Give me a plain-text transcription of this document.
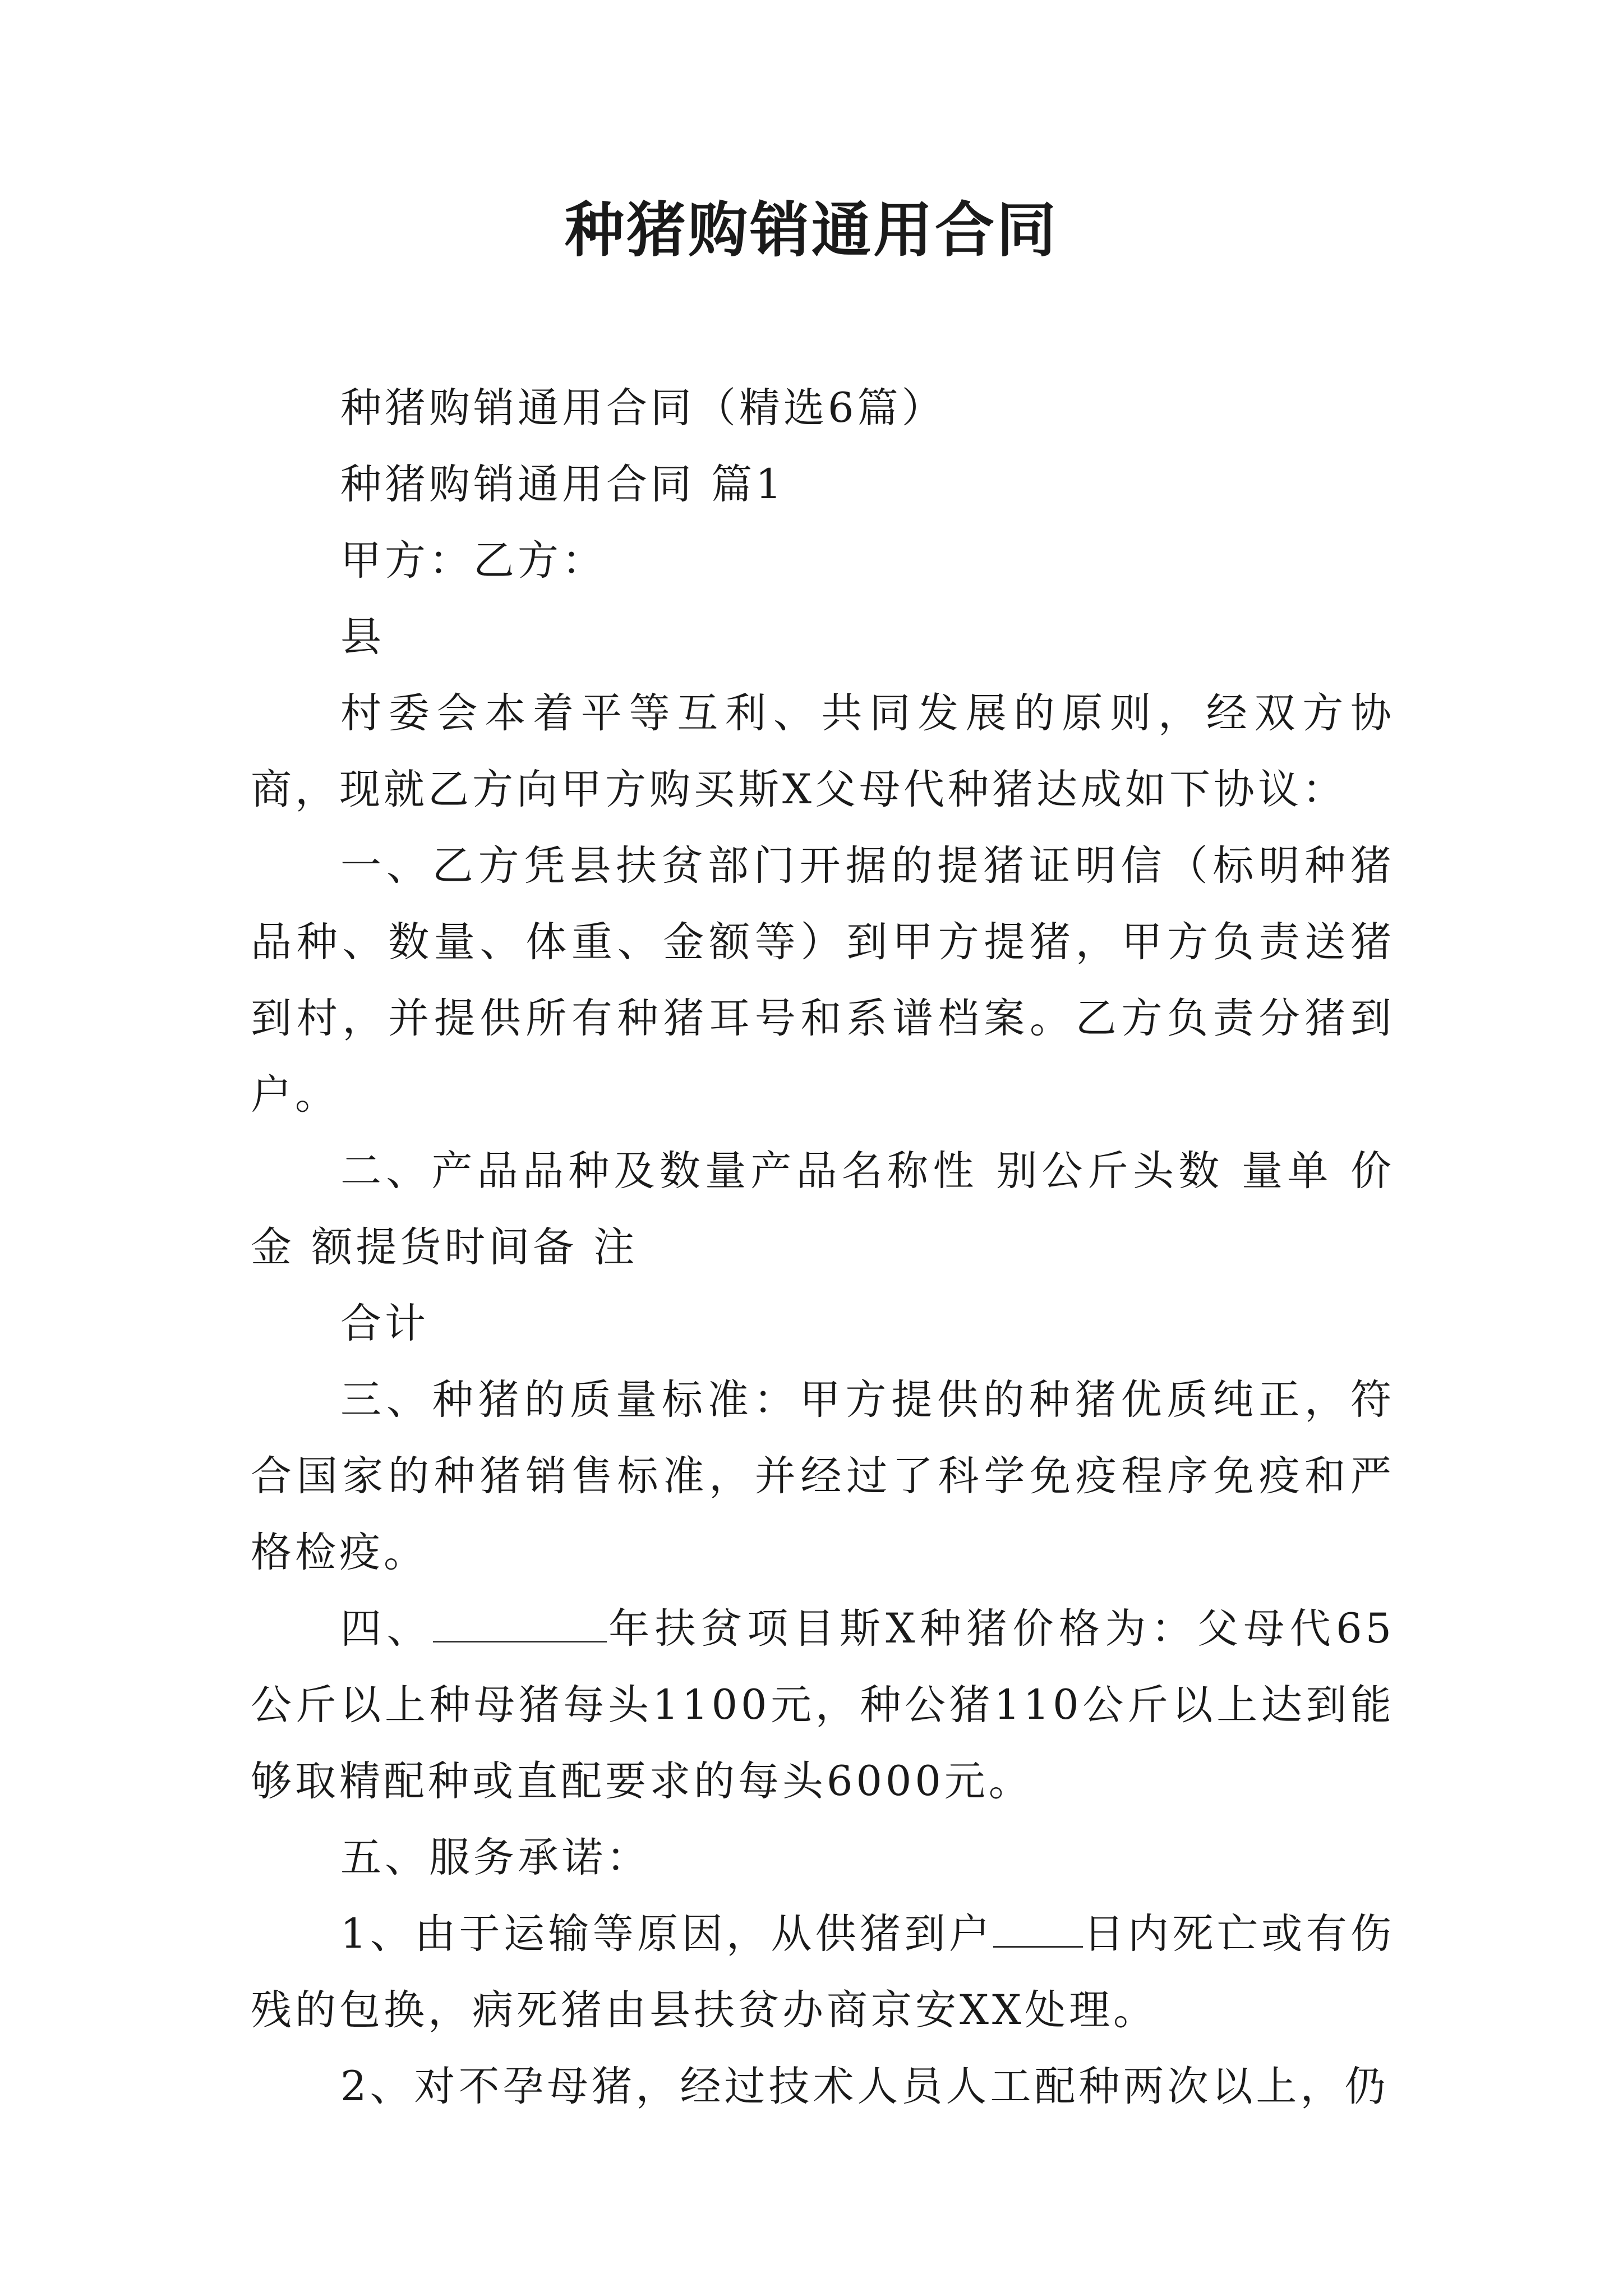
种猪购销通用合同

种猪购销通用合同（精选6篇）

种猪购销通用合同 篇1

甲方：乙方：

县

村委会本着平等互利、共同发展的原则，经双方协商，现就乙方向甲方购买斯X父母代种猪达成如下协议：

一、乙方凭县扶贫部门开据的提猪证明信（标明种猪品种、数量、体重、金额等）到甲方提猪，甲方负责送猪到村，并提供所有种猪耳号和系谱档案。乙方负责分猪到户。

二、产品品种及数量产品名称性 别公斤头数 量单 价金 额提货时间备 注

合计

三、种猪的质量标准：甲方提供的种猪优质纯正，符合国家的种猪销售标准，并经过了科学免疫程序免疫和严格检疫。

四、	年扶贫项目斯X种猪价格为：父母代65公斤以上种母猪每头1100元，种公猪110公斤以上达到能够取精配种或直配要求的每头6000元。

五、服务承诺：

1、由于运输等原因，从供猪到户 日内死亡或有伤残的包换，病死猪由县扶贫办商京安XX处理。

2、对不孕母猪，经过技术人员人工配种两次以上，仍
